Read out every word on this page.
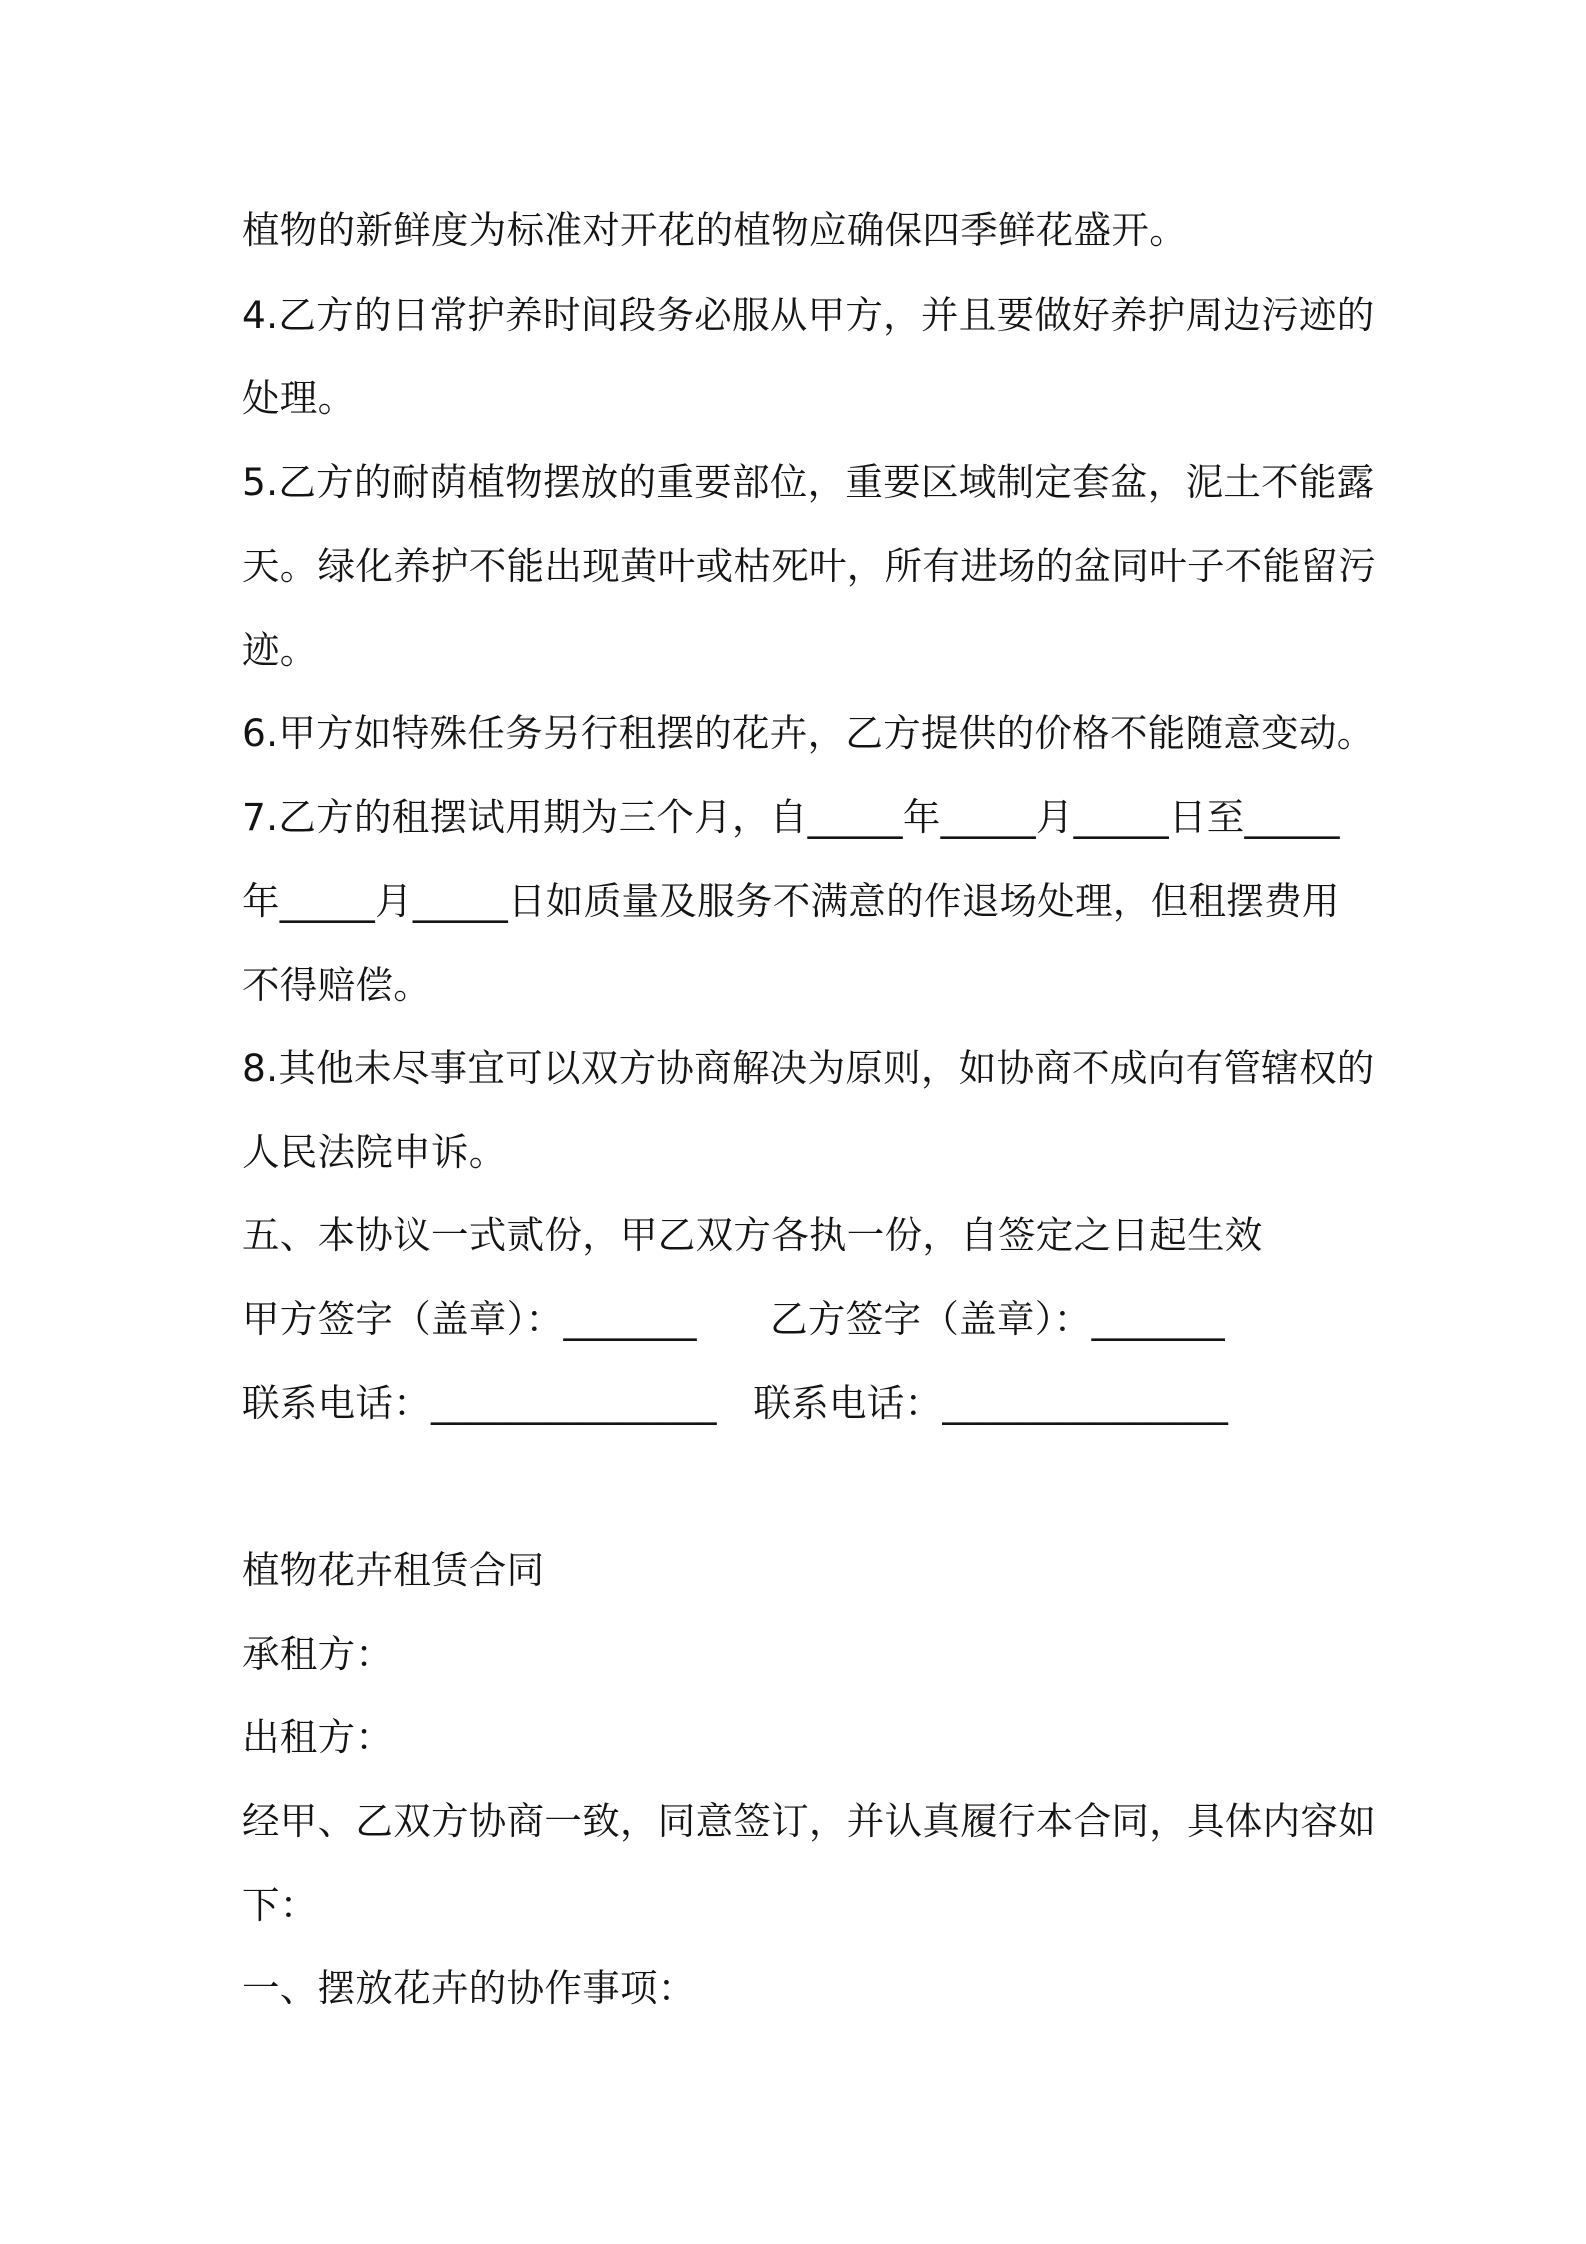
植物的新鲜度为标准对开花的植物应确保四季鲜花盛开。
4.乙方的日常护养时间段务必服从甲方，并且要做好养护周边污迹的
处理。
5.乙方的耐荫植物摆放的重要部位，重要区域制定套盆，泥土不能露
天。绿化养护不能出现黄叶或枯死叶，所有进场的盆同叶子不能留污
迹。
6.甲方如特殊任务另行租摆的花卉，乙方提供的价格不能随意变动。
7.乙方的租摆试用期为三个月，自_____年_____月_____日至_____
年_____月_____日如质量及服务不满意的作退场处理，但租摆费用
不得赔偿。
8.其他未尽事宜可以双方协商解决为原则，如协商不成向有管辖权的
人民法院申诉。
五、本协议一式贰份，甲乙双方各执一份，自签定之日起生效
甲方签字（盖章）：_______      乙方签字（盖章）：_______
联系电话：_______________   联系电话：_______________
植物花卉租赁合同
承租方：
出租方：
经甲、乙双方协商一致，同意签订，并认真履行本合同，具体内容如
下：
一、摆放花卉的协作事项：
